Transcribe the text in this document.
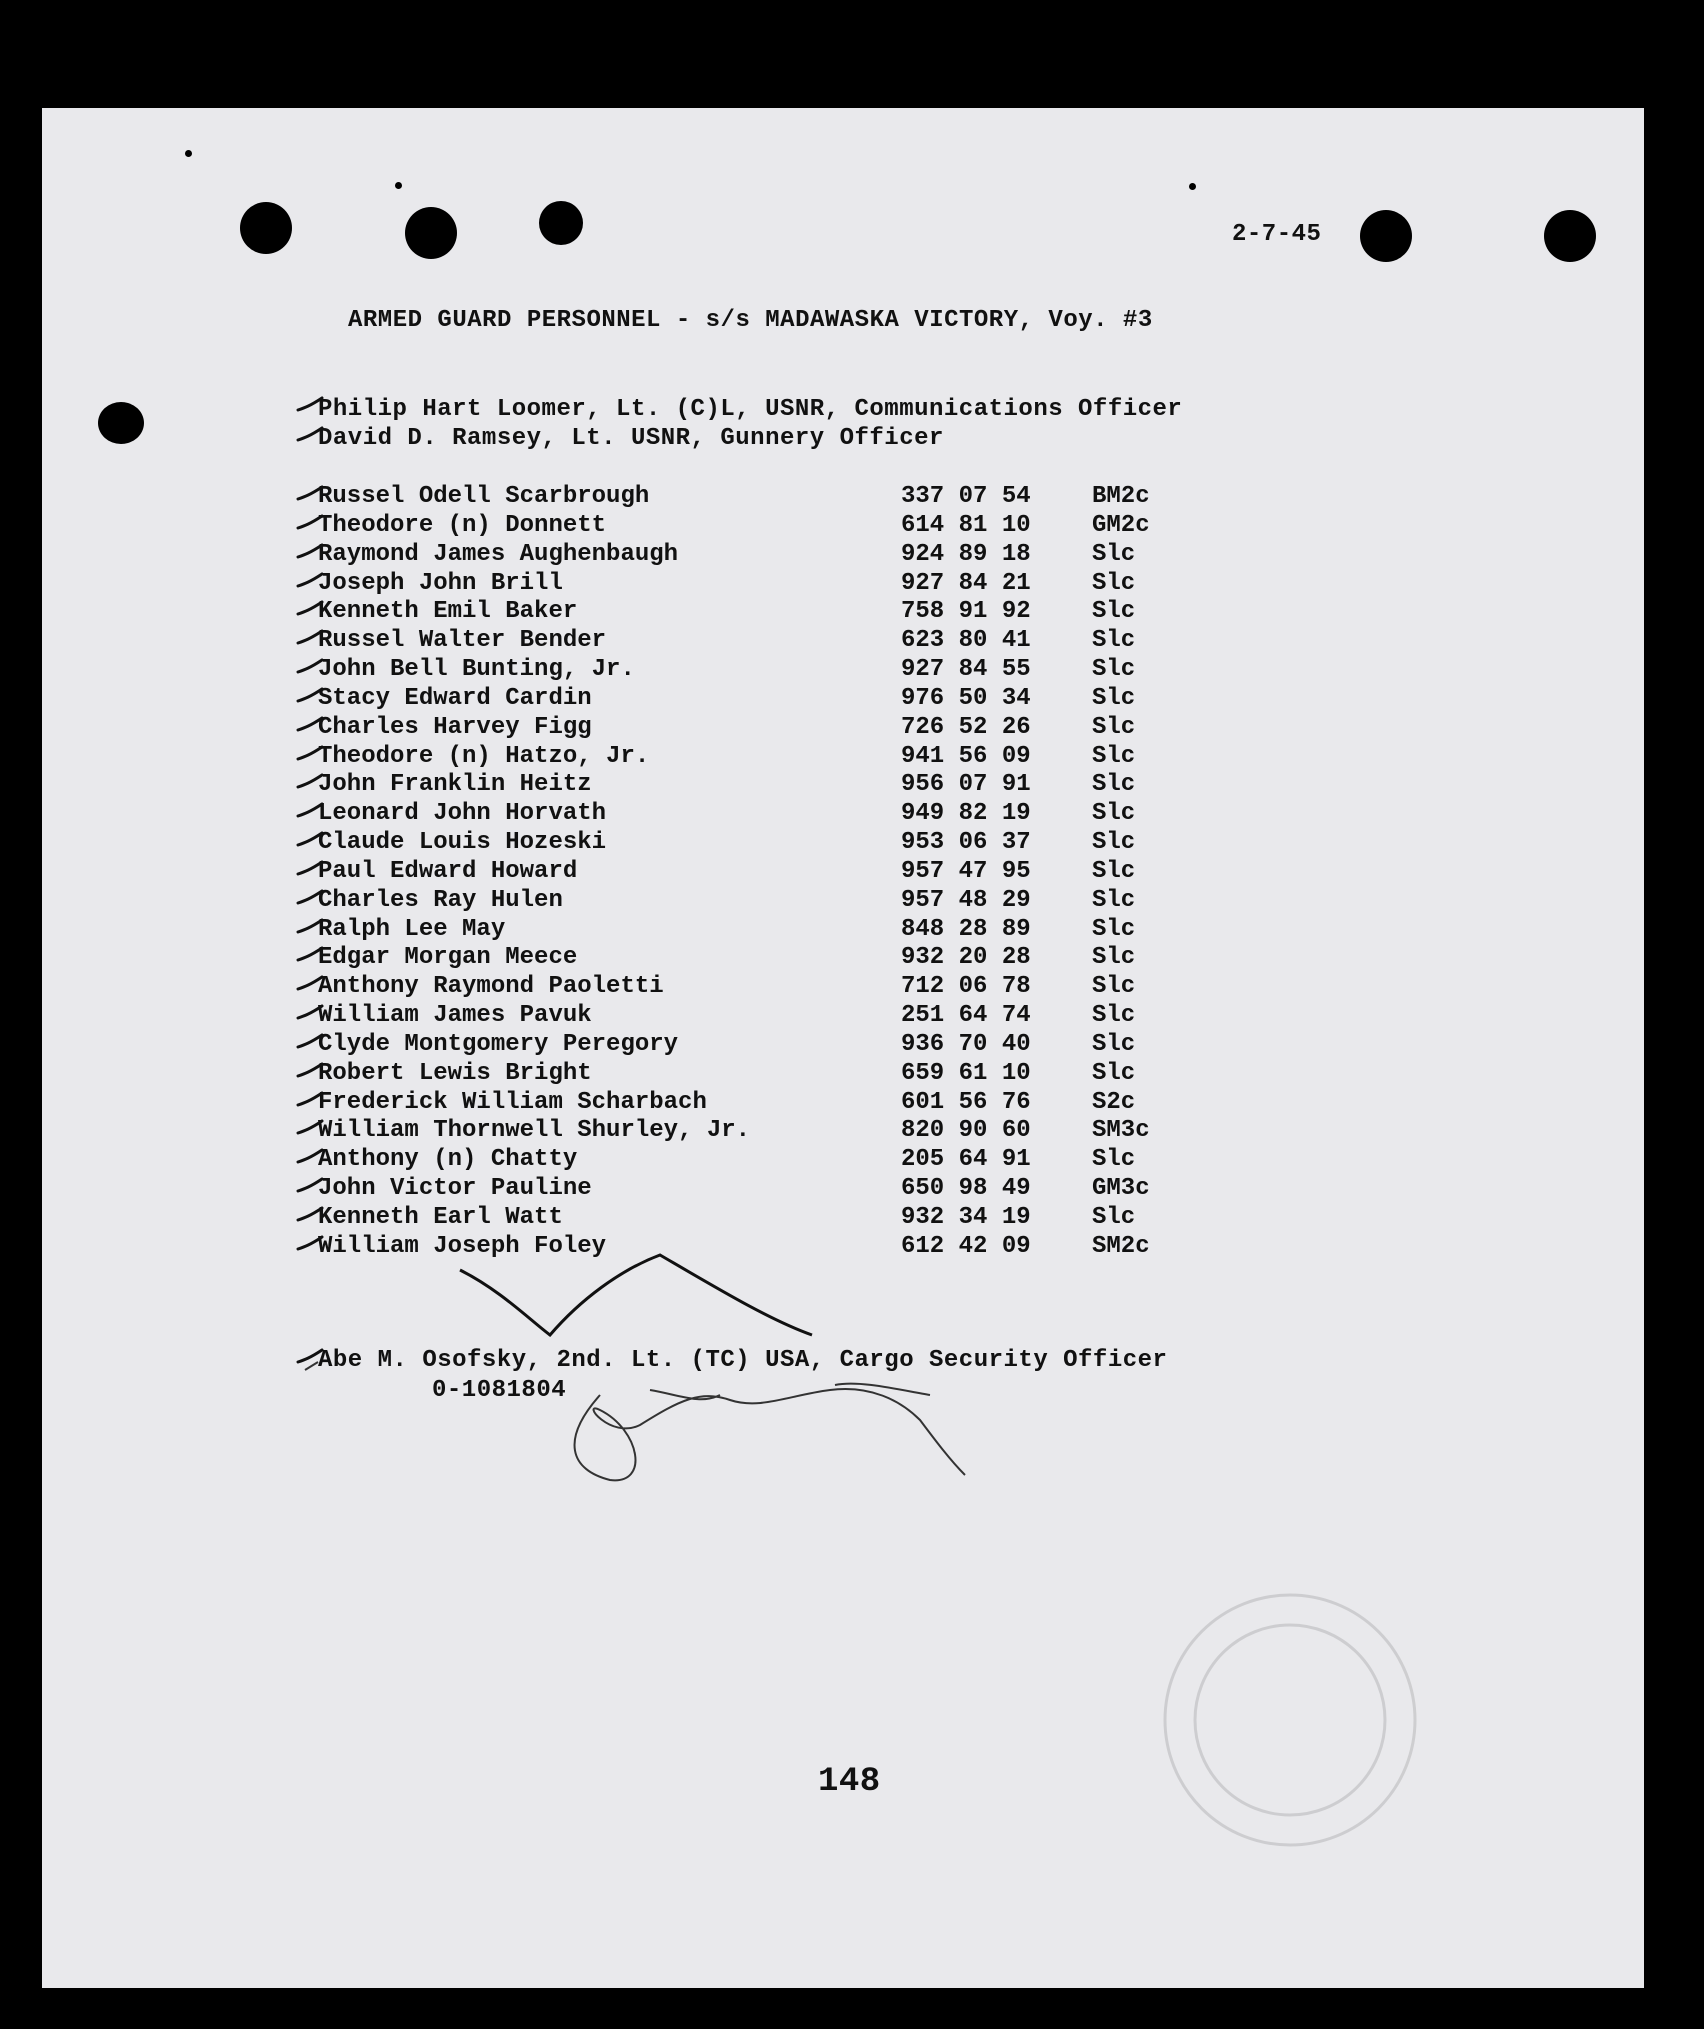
2-7-45
ARMED GUARD PERSONNEL - s/s MADAWASKA VICTORY, Voy. #3
Philip Hart Loomer, Lt. (C)L, USNR, Communications Officer
David D. Ramsey, Lt. USNR, Gunnery Officer
Russel Odell Scarbrough	337 07 54	BM2c
Theodore (n) Donnett	614 81 10	GM2c
Raymond James Aughenbaugh	924 89 18	Slc
Joseph John Brill	927 84 21	Slc
Kenneth Emil Baker	758 91 92	Slc
Russel Walter Bender	623 80 41	Slc
John Bell Bunting, Jr.	927 84 55	Slc
Stacy Edward Cardin	976 50 34	Slc
Charles Harvey Figg	726 52 26	Slc
Theodore (n) Hatzo, Jr.	941 56 09	Slc
John Franklin Heitz	956 07 91	Slc
Leonard John Horvath	949 82 19	Slc
Claude Louis Hozeski	953 06 37	Slc
Paul Edward Howard	957 47 95	Slc
Charles Ray Hulen	957 48 29	Slc
Ralph Lee May	848 28 89	Slc
Edgar Morgan Meece	932 20 28	Slc
Anthony Raymond Paoletti	712 06 78	Slc
William James Pavuk	251 64 74	Slc
Clyde Montgomery Peregory	936 70 40	Slc
Robert Lewis Bright	659 61 10	Slc
Frederick William Scharbach	601 56 76	S2c
William Thornwell Shurley, Jr.	820 90 60	SM3c
Anthony (n) Chatty	205 64 91	Slc
John Victor Pauline	650 98 49	GM3c
Kenneth Earl Watt	932 34 19	Slc
William Joseph Foley	612 42 09	SM2c
Abe M. Osofsky, 2nd. Lt. (TC) USA, Cargo Security Officer
0-1081804
148
